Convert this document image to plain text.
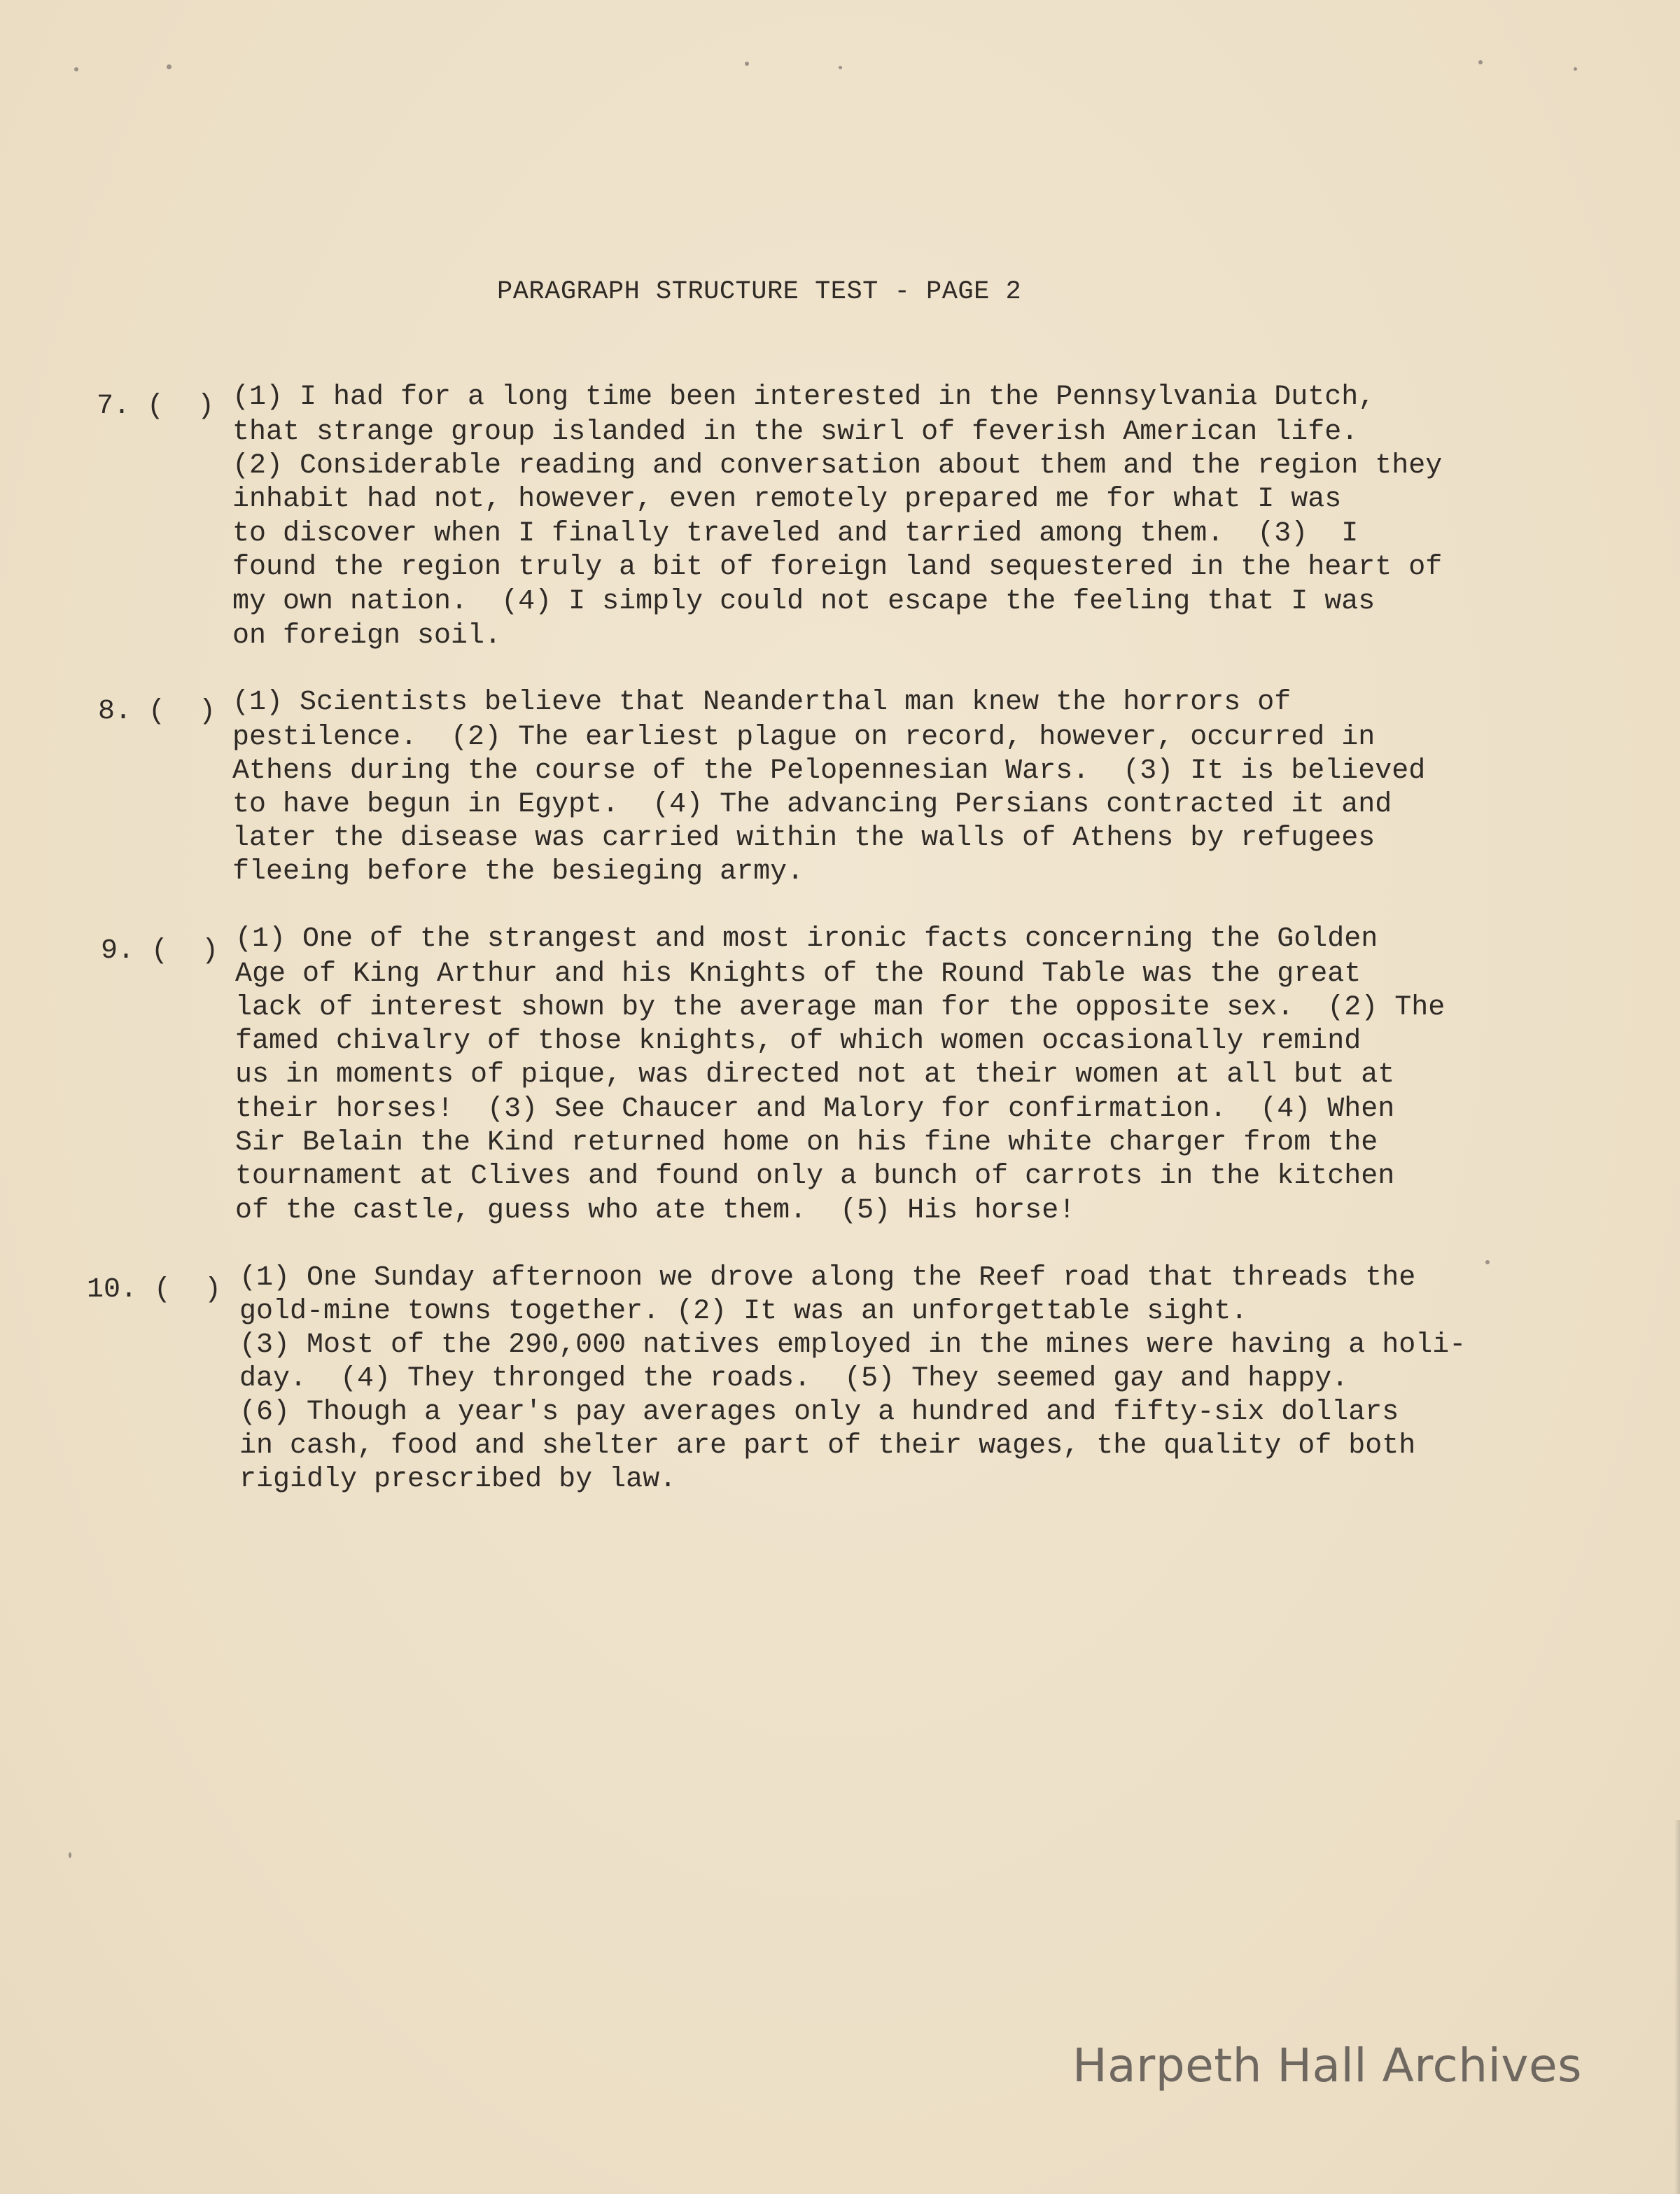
PARAGRAPH STRUCTURE TEST - PAGE 2
7. (  ) (1) I had for a long time been interested in the Pennsylvania Dutch,
that strange group islanded in the swirl of feverish American life.
(2) Considerable reading and conversation about them and the region they
inhabit had not, however, even remotely prepared me for what I was
to discover when I finally traveled and tarried among them.  (3)  I
found the region truly a bit of foreign land sequestered in the heart of
my own nation.  (4) I simply could not escape the feeling that I was
on foreign soil.
8. (  ) (1) Scientists believe that Neanderthal man knew the horrors of
pestilence.  (2) The earliest plague on record, however, occurred in
Athens during the course of the Pelopennesian Wars.  (3) It is believed
to have begun in Egypt.  (4) The advancing Persians contracted it and
later the disease was carried within the walls of Athens by refugees
fleeing before the besieging army.
9. (  ) (1) One of the strangest and most ironic facts concerning the Golden
Age of King Arthur and his Knights of the Round Table was the great
lack of interest shown by the average man for the opposite sex.  (2) The
famed chivalry of those knights, of which women occasionally remind
us in moments of pique, was directed not at their women at all but at
their horses!  (3) See Chaucer and Malory for confirmation.  (4) When
Sir Belain the Kind returned home on his fine white charger from the
tournament at Clives and found only a bunch of carrots in the kitchen
of the castle, guess who ate them.  (5) His horse!
10. (  ) (1) One Sunday afternoon we drove along the Reef road that threads the
gold-mine towns together. (2) It was an unforgettable sight.
(3) Most of the 290,000 natives employed in the mines were having a holi-
day.  (4) They thronged the roads.  (5) They seemed gay and happy.
(6) Though a year's pay averages only a hundred and fifty-six dollars
in cash, food and shelter are part of their wages, the quality of both
rigidly prescribed by law.
Harpeth Hall Archives
